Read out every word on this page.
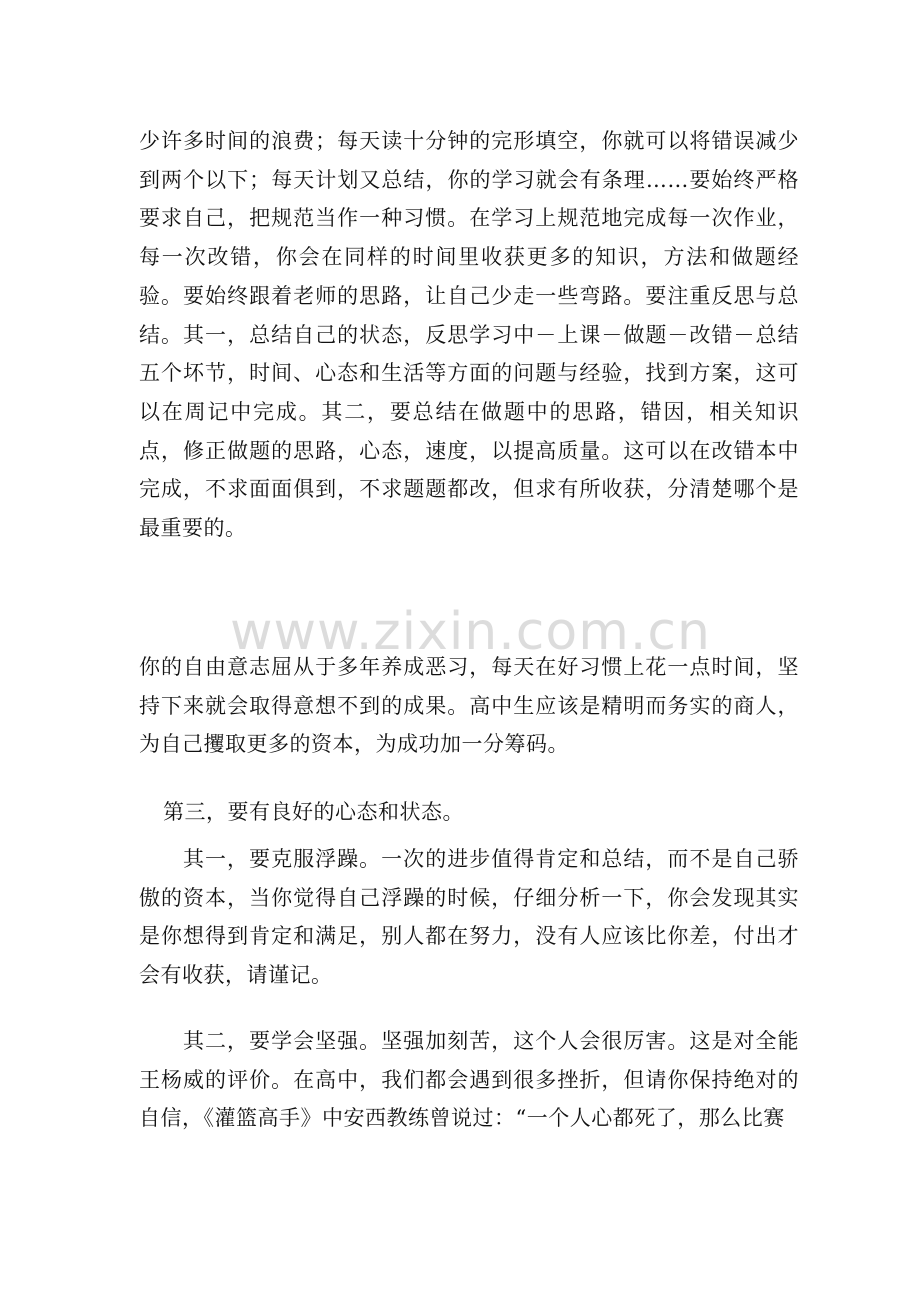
www.zixin.com.cn

少许多时间的浪费；每天读十分钟的完形填空，你就可以将错误减少到两个以下；每天计划又总结，你的学习就会有条理……要始终严格要求自己，把规范当作一种习惯。在学习上规范地完成每一次作业，每一次改错，你会在同样的时间里收获更多的知识，方法和做题经验。要始终跟着老师的思路，让自己少走一些弯路。要注重反思与总结。其一，总结自己的状态，反思学习中－上课－做题－改错－总结五个坏节，时间、心态和生活等方面的问题与经验，找到方案，这可以在周记中完成。其二，要总结在做题中的思路，错因，相关知识点，修正做题的思路，心态，速度，以提高质量。这可以在改错本中完成，不求面面俱到，不求题题都改，但求有所收获，分清楚哪个是最重要的。

你的自由意志屈从于多年养成恶习，每天在好习惯上花一点时间，坚持下来就会取得意想不到的成果。高中生应该是精明而务实的商人，为自己攫取更多的资本，为成功加一分筹码。

第三，要有良好的心态和状态。

其一，要克服浮躁。一次的进步值得肯定和总结，而不是自己骄傲的资本，当你觉得自己浮躁的时候，仔细分析一下，你会发现其实是你想得到肯定和满足，别人都在努力，没有人应该比你差，付出才会有收获，请谨记。

其二，要学会坚强。坚强加刻苦，这个人会很厉害。这是对全能王杨威的评价。在高中，我们都会遇到很多挫折，但请你保持绝对的自信，《灌篮高手》中安西教练曾说过：“一个人心都死了，那么比赛
